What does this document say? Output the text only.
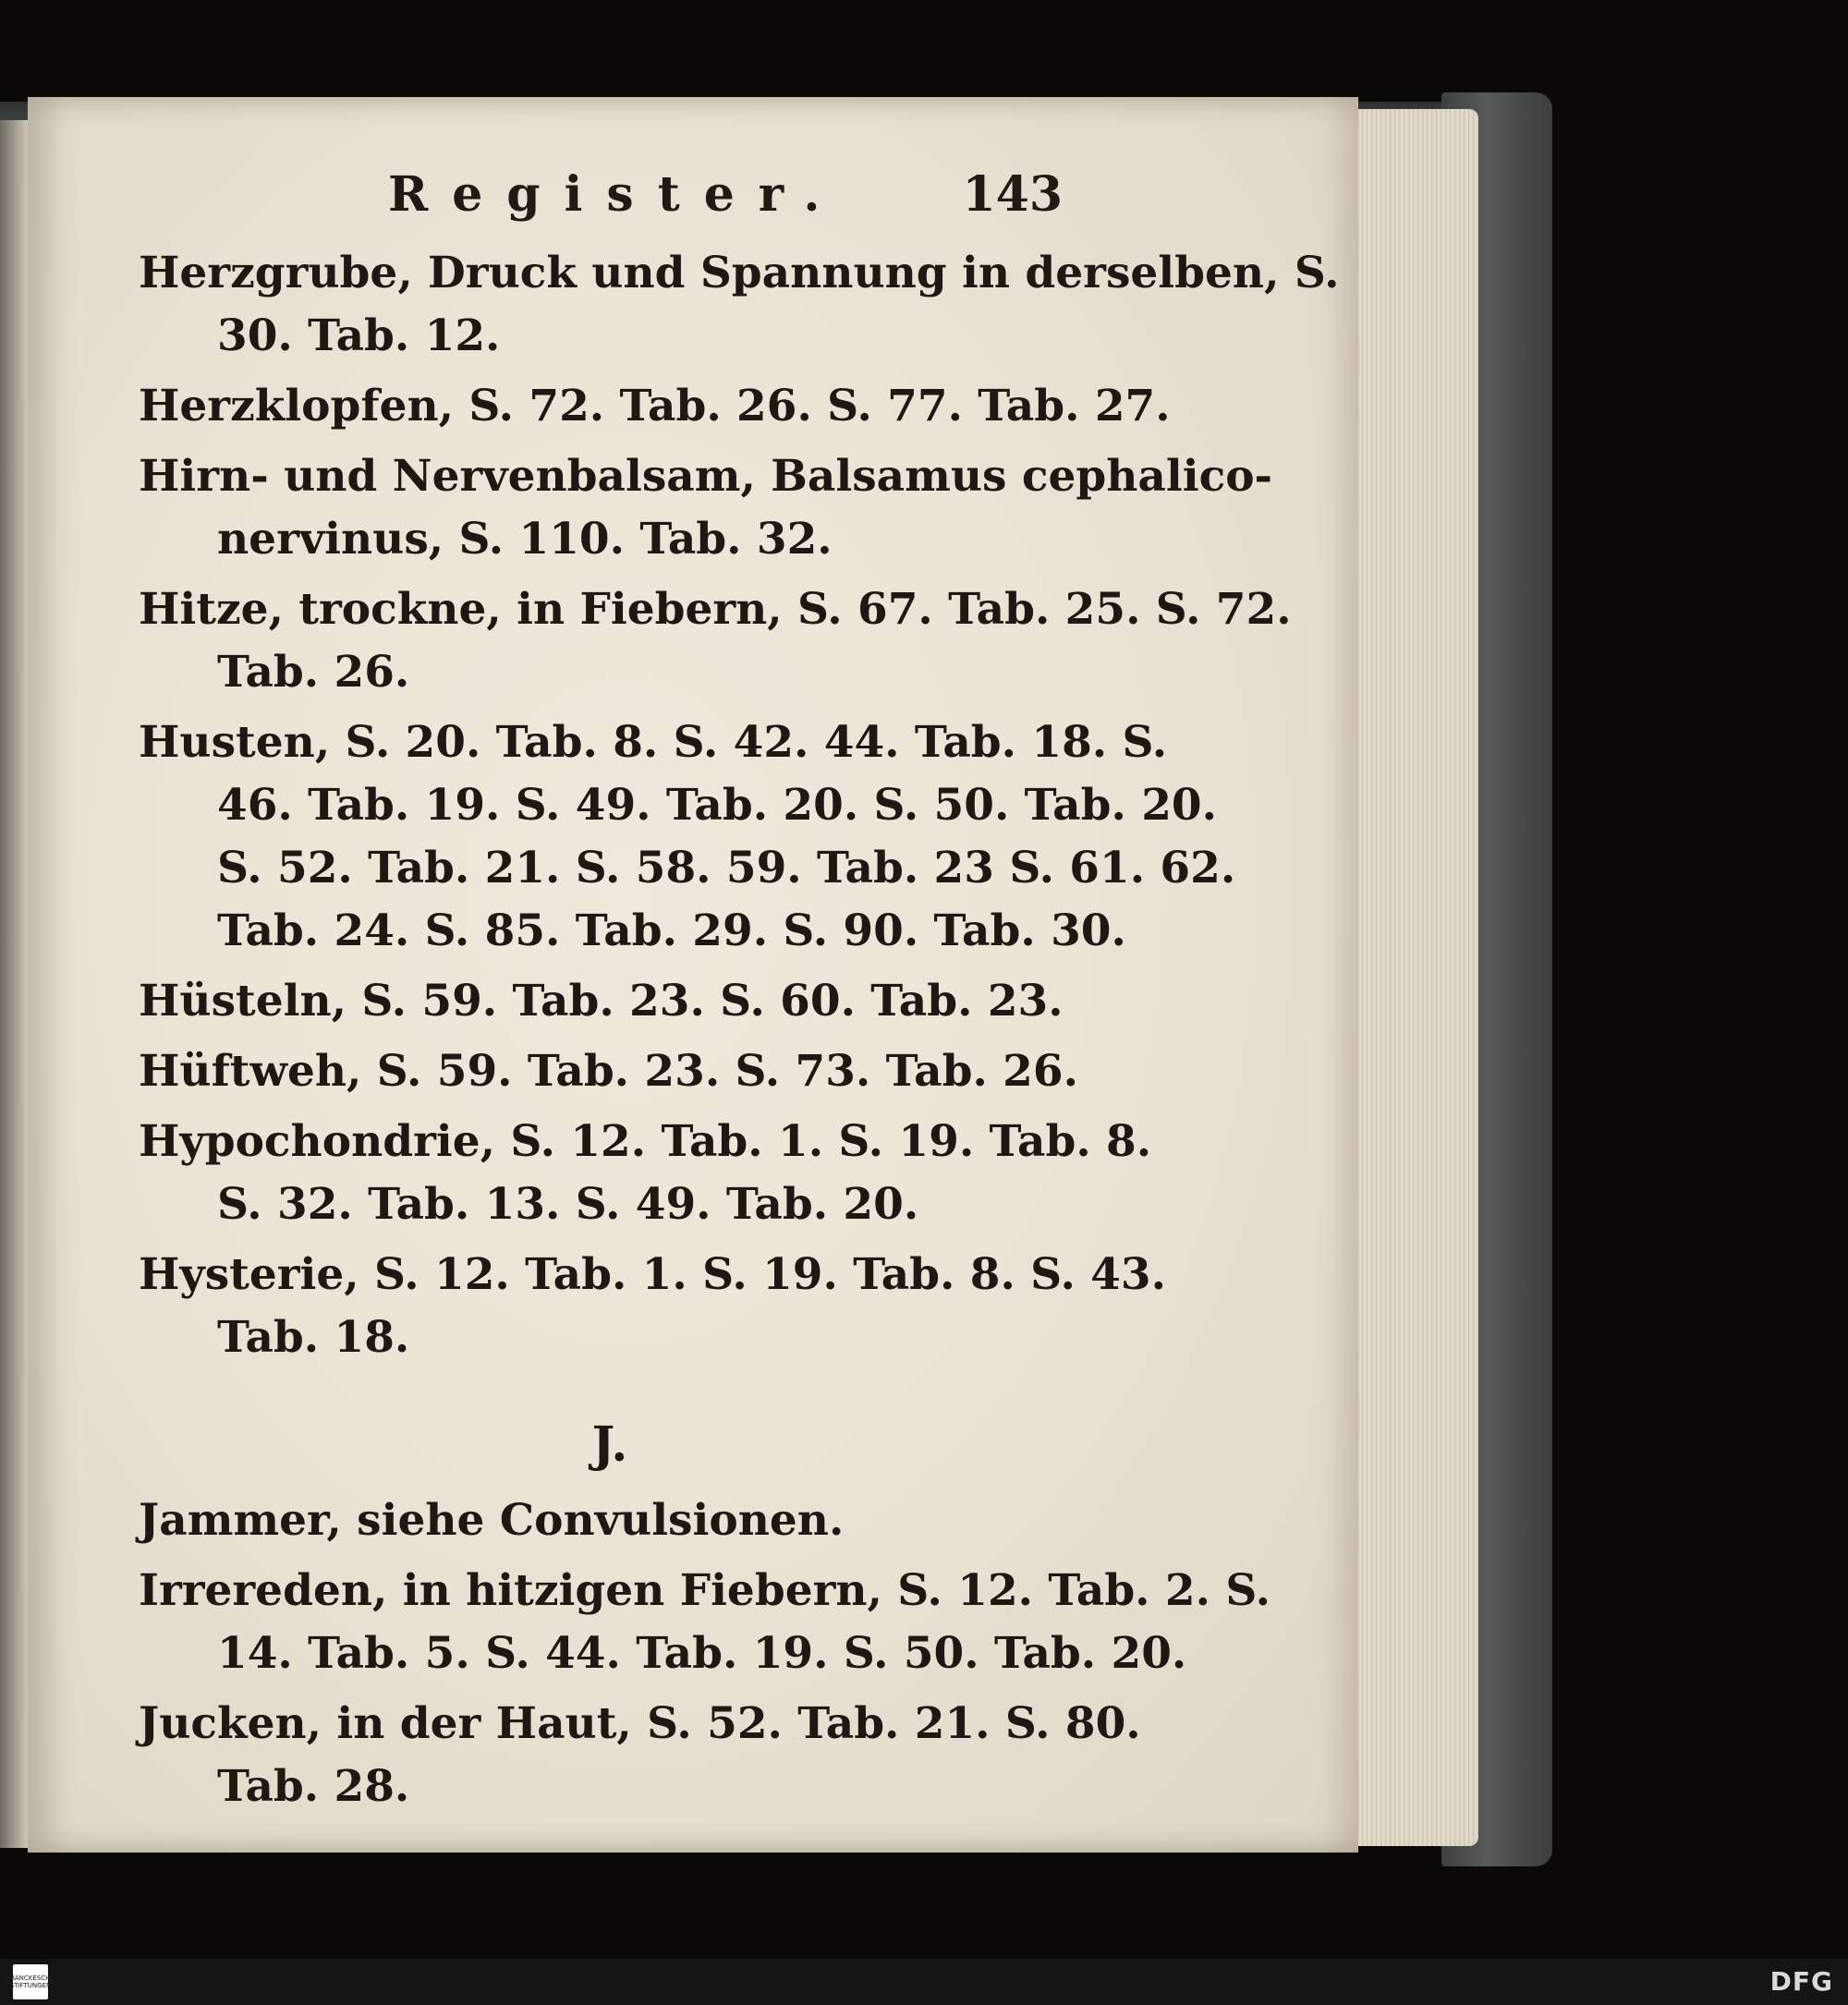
Register. 143
Herzgrube, Druck und Spannung in derselben, S.
30. Tab. 12.
Herzklopfen, S. 72. Tab. 26. S. 77. Tab. 27.
Hirn- und Nervenbalsam, Balsamus cephalico-
nervinus, S. 110. Tab. 32.
Hitze, trockne, in Fiebern, S. 67. Tab. 25. S. 72.
Tab. 26.
Husten, S. 20. Tab. 8. S. 42. 44. Tab. 18. S.
46. Tab. 19. S. 49. Tab. 20. S. 50. Tab. 20.
S. 52. Tab. 21. S. 58. 59. Tab. 23 S. 61. 62.
Tab. 24. S. 85. Tab. 29. S. 90. Tab. 30.
Hüsteln, S. 59. Tab. 23. S. 60. Tab. 23.
Hüftweh, S. 59. Tab. 23. S. 73. Tab. 26.
Hypochondrie, S. 12. Tab. 1. S. 19. Tab. 8.
S. 32. Tab. 13. S. 49. Tab. 20.
Hysterie, S. 12. Tab. 1. S. 19. Tab. 8. S. 43.
Tab. 18.
J.
Jammer, siehe Convulsionen.
Irrereden, in hitzigen Fiebern, S. 12. Tab. 2. S.
14. Tab. 5. S. 44. Tab. 19. S. 50. Tab. 20.
Jucken, in der Haut, S. 52. Tab. 21. S. 80.
Tab. 28.
FRANCKESCHE STIFTUNGEN	DFG
